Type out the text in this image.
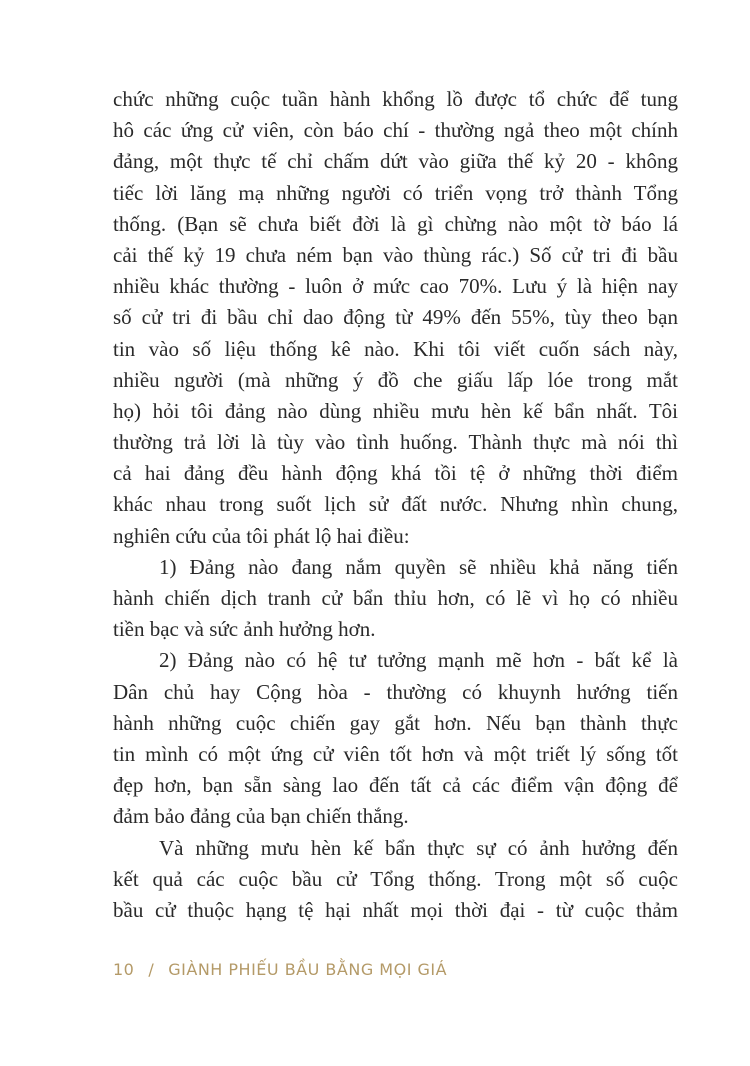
chức những cuộc tuần hành khổng lồ được tổ chức để tung
hô các ứng cử viên, còn báo chí - thường ngả theo một chính
đảng, một thực tế chỉ chấm dứt vào giữa thế kỷ 20 - không
tiếc lời lăng mạ những người có triển vọng trở thành Tổng
thống. (Bạn sẽ chưa biết đời là gì chừng nào một tờ báo lá
cải thế kỷ 19 chưa ném bạn vào thùng rác.) Số cử tri đi bầu
nhiều khác thường - luôn ở mức cao 70%. Lưu ý là hiện nay
số cử tri đi bầu chỉ dao động từ 49% đến 55%, tùy theo bạn
tin vào số liệu thống kê nào. Khi tôi viết cuốn sách này,
nhiều người (mà những ý đồ che giấu lấp lóe trong mắt
họ) hỏi tôi đảng nào dùng nhiều mưu hèn kế bẩn nhất. Tôi
thường trả lời là tùy vào tình huống. Thành thực mà nói thì
cả hai đảng đều hành động khá tồi tệ ở những thời điểm
khác nhau trong suốt lịch sử đất nước. Nhưng nhìn chung,
nghiên cứu của tôi phát lộ hai điều:
1) Đảng nào đang nắm quyền sẽ nhiều khả năng tiến
hành chiến dịch tranh cử bẩn thỉu hơn, có lẽ vì họ có nhiều
tiền bạc và sức ảnh hưởng hơn.
2) Đảng nào có hệ tư tưởng mạnh mẽ hơn - bất kể là
Dân chủ hay Cộng hòa - thường có khuynh hướng tiến
hành những cuộc chiến gay gắt hơn. Nếu bạn thành thực
tin mình có một ứng cử viên tốt hơn và một triết lý sống tốt
đẹp hơn, bạn sẵn sàng lao đến tất cả các điểm vận động để
đảm bảo đảng của bạn chiến thắng.
Và những mưu hèn kế bẩn thực sự có ảnh hưởng đến
kết quả các cuộc bầu cử Tổng thống. Trong một số cuộc
bầu cử thuộc hạng tệ hại nhất mọi thời đại - từ cuộc thảm
10 / GIÀNH PHIẾU BẦU BẰNG MỌI GIÁ
